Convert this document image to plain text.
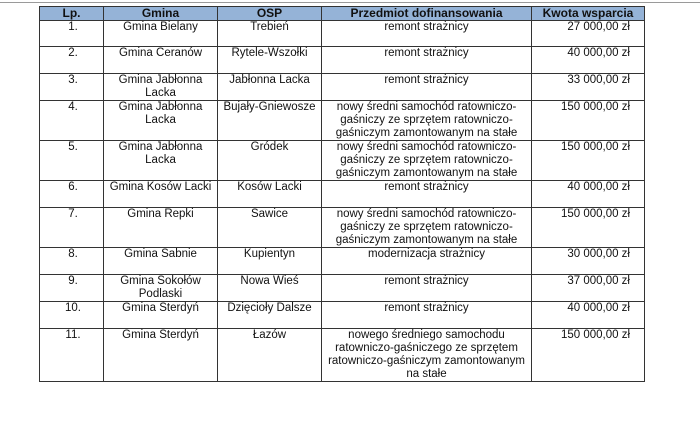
Lp.	Gmina	OSP	Przedmiot dofinansowania	Kwota wsparcia
1.	Gmina Bielany	Trebień	remont strażnicy	27 000,00 zł
2.	Gmina Ceranów	Rytele-Wszołki	remont strażnicy	40 000,00 zł
3.	Gmina Jabłonna Lacka	Jabłonna Lacka	remont strażnicy	33 000,00 zł
4.	Gmina Jabłonna Lacka	Bujały-Gniewosze	nowy średni samochód ratowniczo-gaśniczy ze sprzętem ratowniczo-gaśniczym zamontowanym na stałe	150 000,00 zł
5.	Gmina Jabłonna Lacka	Gródek	nowy średni samochód ratowniczo-gaśniczy ze sprzętem ratowniczo-gaśniczym zamontowanym na stałe	150 000,00 zł
6.	Gmina Kosów Lacki	Kosów Lacki	remont strażnicy	40 000,00 zł
7.	Gmina Repki	Sawice	nowy średni samochód ratowniczo-gaśniczy ze sprzętem ratowniczo-gaśniczym zamontowanym na stałe	150 000,00 zł
8.	Gmina Sabnie	Kupientyn	modernizacja strażnicy	30 000,00 zł
9.	Gmina Sokołów Podlaski	Nowa Wieś	remont strażnicy	37 000,00 zł
10.	Gmina Sterdyń	Dzięcioły Dalsze	remont strażnicy	40 000,00 zł
11.	Gmina Sterdyń	Łazów	nowego średniego samochodu ratowniczo-gaśniczego ze sprzętem ratowniczo-gaśniczym zamontowanym na stałe	150 000,00 zł
